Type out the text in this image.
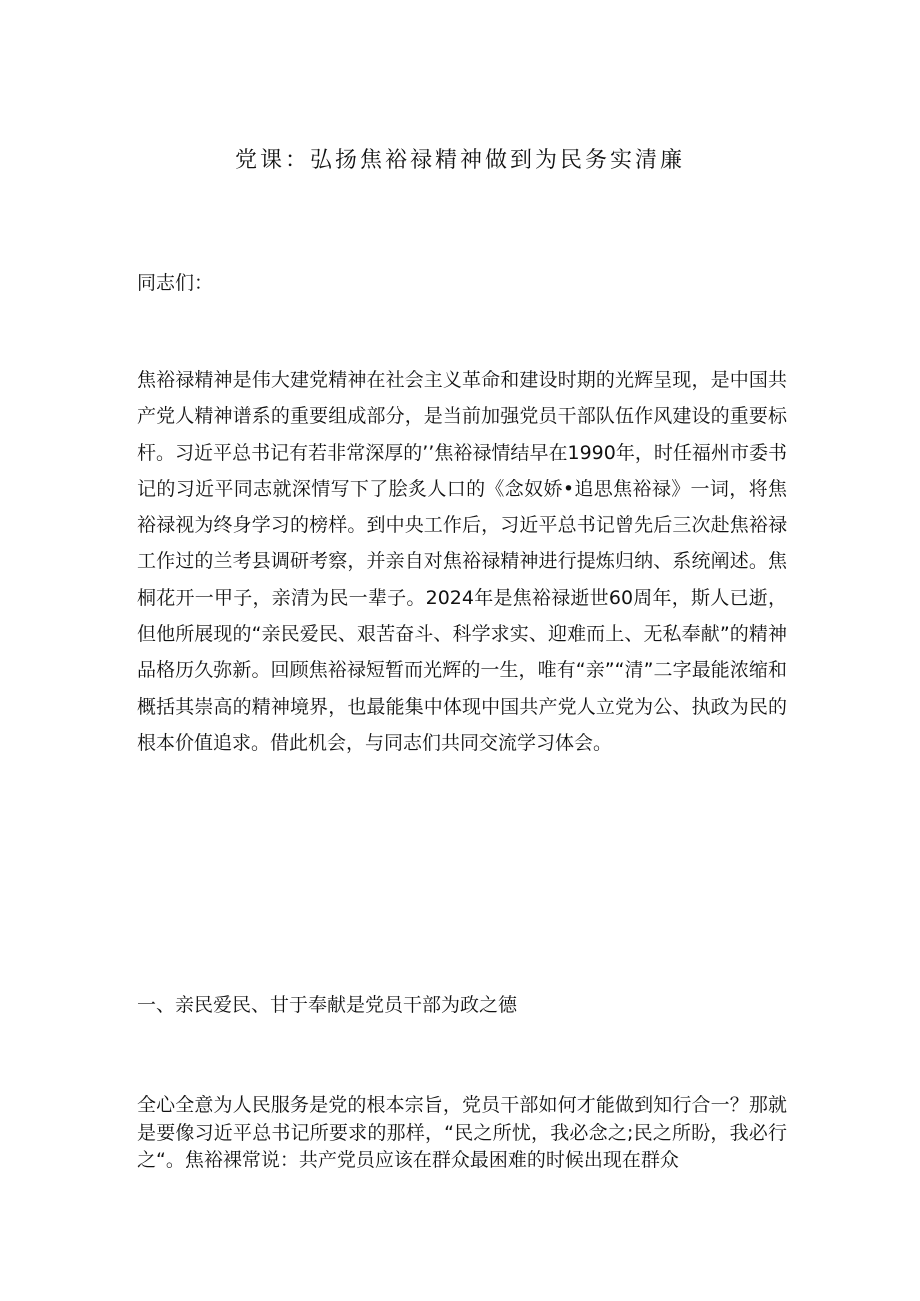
党课：弘扬焦裕禄精神做到为民务实清廉

同志们：

焦裕禄精神是伟大建党精神在社会主义革命和建设时期的光辉呈现，是中国共产党人精神谱系的重要组成部分，是当前加强党员干部队伍作风建设的重要标杆。习近平总书记有若非常深厚的’’焦裕禄情结早在1990年，时任福州市委书记的习近平同志就深情写下了脍炙人口的《念奴娇•追思焦裕禄》一词，将焦裕禄视为终身学习的榜样。到中央工作后，习近平总书记曾先后三次赴焦裕禄工作过的兰考县调研考察，并亲自对焦裕禄精神进行提炼归纳、系统阐述。焦桐花开一甲子，亲清为民一辈子。2024年是焦裕禄逝世60周年，斯人已逝，但他所展现的“亲民爱民、艰苦奋斗、科学求实、迎难而上、无私奉献”的精神品格历久弥新。回顾焦裕禄短暂而光辉的一生，唯有“亲”“清”二字最能浓缩和概括其崇高的精神境界，也最能集中体现中国共产党人立党为公、执政为民的根本价值追求。借此机会，与同志们共同交流学习体会。

一、亲民爱民、甘于奉献是党员干部为政之德

全心全意为人民服务是党的根本宗旨，党员干部如何才能做到知行合一？那就是要像习近平总书记所要求的那样，“民之所忧，我必念之;民之所盼，我必行之“。焦裕裸常说：共产党员应该在群众最困难的时候出现在群众
